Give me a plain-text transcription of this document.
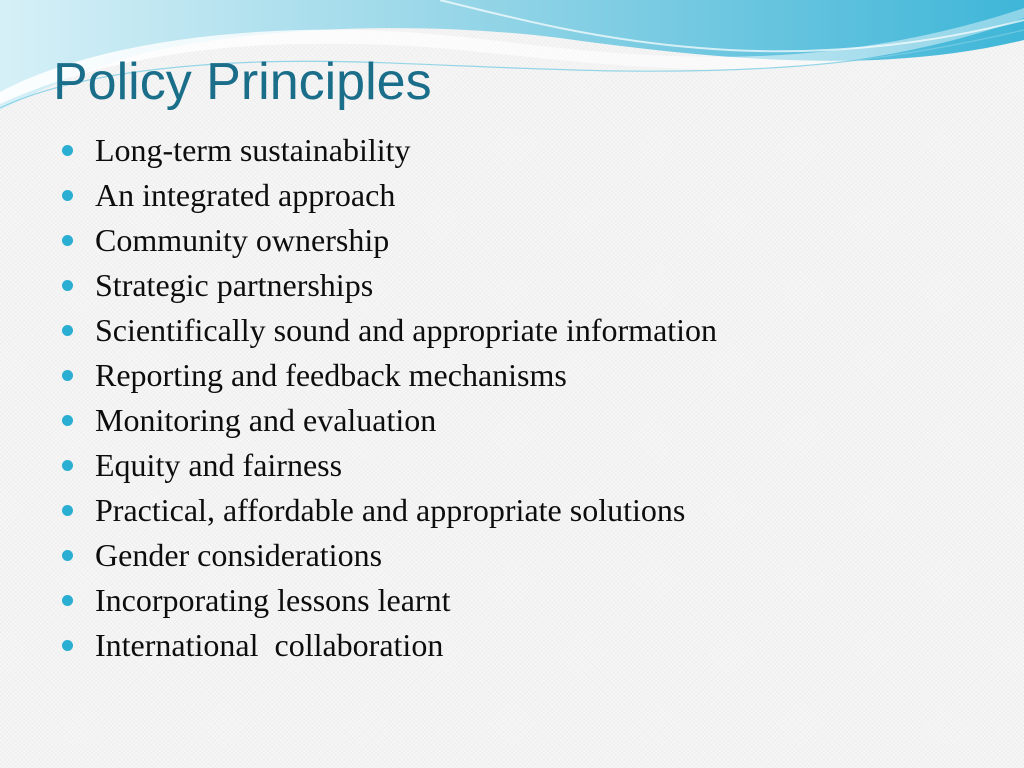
Policy Principles
Long-term sustainability
An integrated approach
Community ownership
Strategic partnerships
Scientifically sound and appropriate information
Reporting and feedback mechanisms
Monitoring and evaluation
Equity and fairness
Practical, affordable and appropriate solutions
Gender considerations
Incorporating lessons learnt
International  collaboration
